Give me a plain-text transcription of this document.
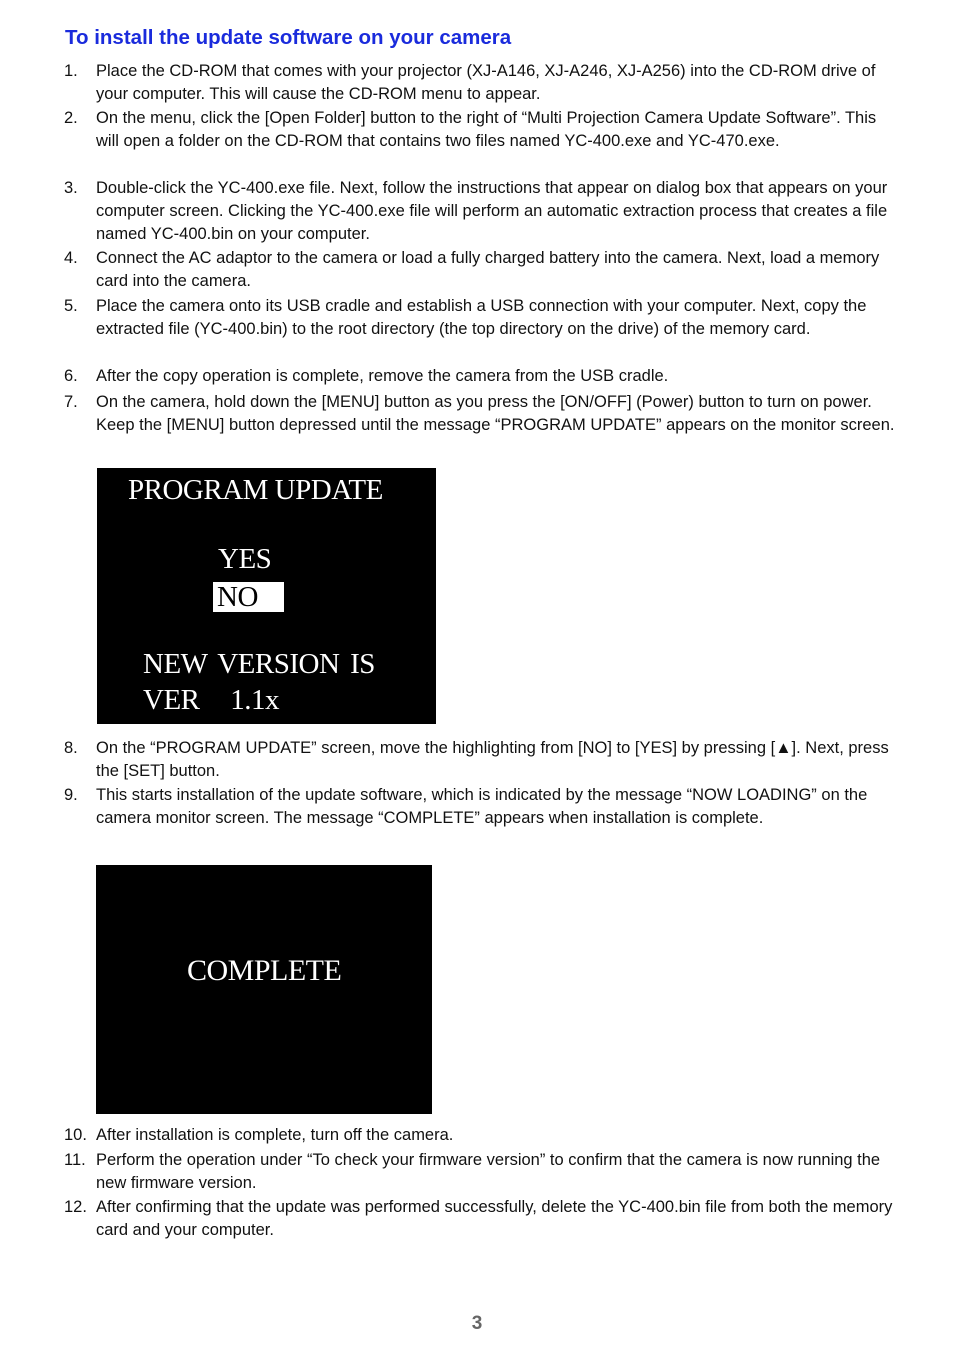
To install the update software on your camera
1. Place the CD-ROM that comes with your projector (XJ-A146, XJ-A246, XJ-A256) into the CD-ROM drive of your computer. This will cause the CD-ROM menu to appear.
2. On the menu, click the [Open Folder] button to the right of “Multi Projection Camera Update Software”. This will open a folder on the CD-ROM that contains two files named YC-400.exe and YC-470.exe.
3. Double-click the YC-400.exe file. Next, follow the instructions that appear on dialog box that appears on your computer screen. Clicking the YC-400.exe file will perform an automatic extraction process that creates a file named YC-400.bin on your computer.
4. Connect the AC adaptor to the camera or load a fully charged battery into the camera. Next, load a memory card into the camera.
5. Place the camera onto its USB cradle and establish a USB connection with your computer. Next, copy the extracted file (YC-400.bin) to the root directory (the top directory on the drive) of the memory card.
6. After the copy operation is complete, remove the camera from the USB cradle.
7. On the camera, hold down the [MENU] button as you press the [ON/OFF] (Power) button to turn on power. Keep the [MENU] button depressed until the message “PROGRAM UPDATE” appears on the monitor screen.
PROGRAM UPDATE
YES
NO
NEW VERSION IS
VER 1.1x
8. On the “PROGRAM UPDATE” screen, move the highlighting from [NO] to [YES] by pressing [▲]. Next, press the [SET] button.
9. This starts installation of the update software, which is indicated by the message “NOW LOADING” on the camera monitor screen. The message “COMPLETE” appears when installation is complete.
COMPLETE
10. After installation is complete, turn off the camera.
11. Perform the operation under “To check your firmware version” to confirm that the camera is now running the new firmware version.
12. After confirming that the update was performed successfully, delete the YC-400.bin file from both the memory card and your computer.
3
